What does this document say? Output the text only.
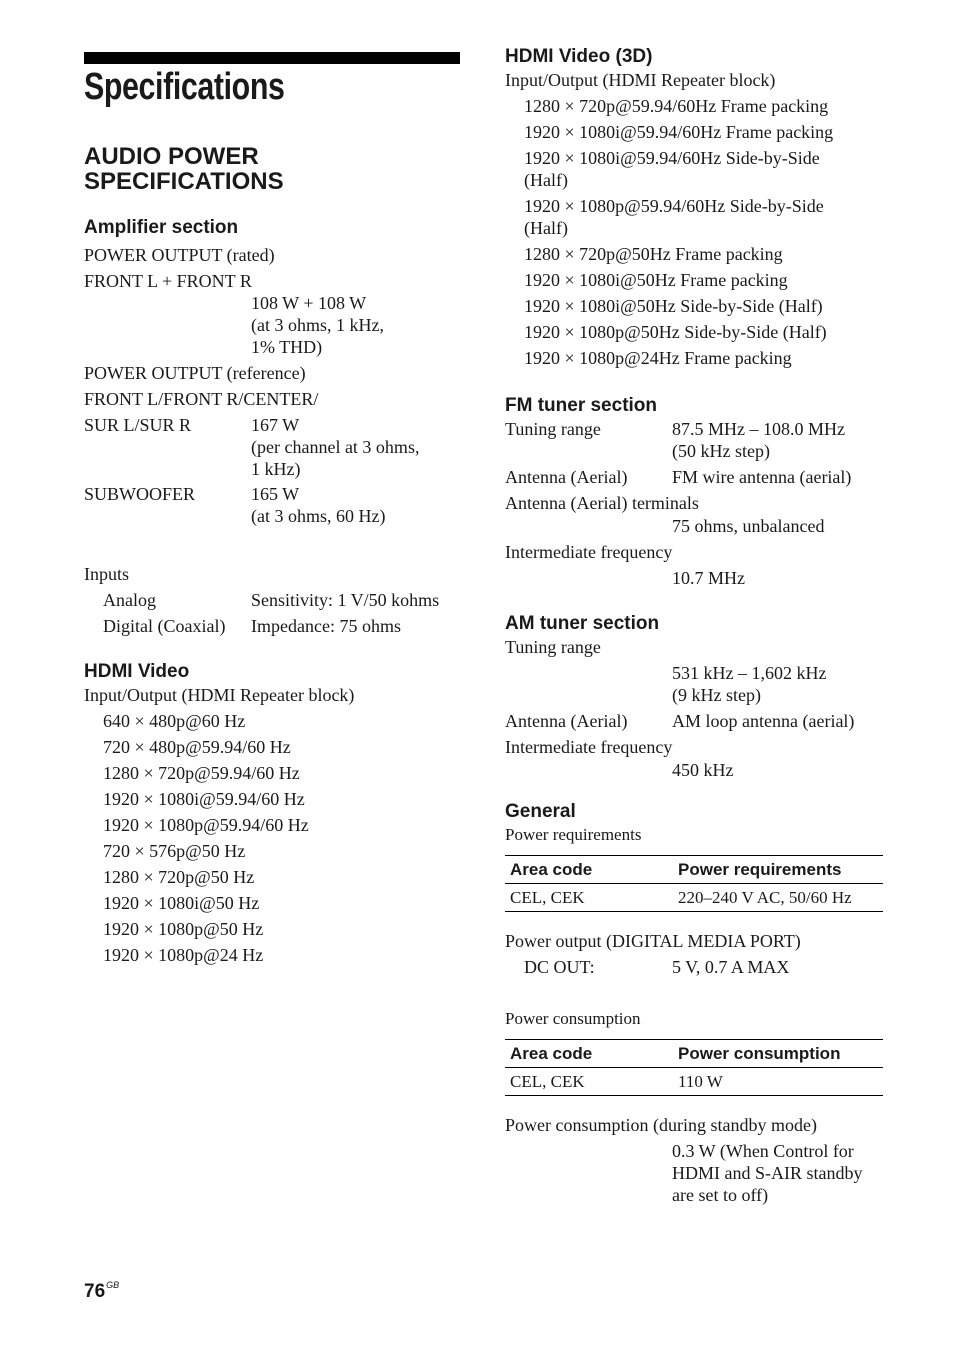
Specifications
AUDIO POWER
SPECIFICATIONS
Amplifier section
POWER OUTPUT (rated)
FRONT L + FRONT R
108 W + 108 W
(at 3 ohms, 1 kHz,
1% THD)
POWER OUTPUT (reference)
FRONT L/FRONT R/CENTER/
SUR L/SUR R	167 W
(per channel at 3 ohms,
1 kHz)
SUBWOOFER	165 W
(at 3 ohms, 60 Hz)
Inputs
Analog	Sensitivity: 1 V/50 kohms
Digital (Coaxial)	Impedance: 75 ohms
HDMI Video
Input/Output (HDMI Repeater block)
640 × 480p@60 Hz
720 × 480p@59.94/60 Hz
1280 × 720p@59.94/60 Hz
1920 × 1080i@59.94/60 Hz
1920 × 1080p@59.94/60 Hz
720 × 576p@50 Hz
1280 × 720p@50 Hz
1920 × 1080i@50 Hz
1920 × 1080p@50 Hz
1920 × 1080p@24 Hz
HDMI Video (3D)
Input/Output (HDMI Repeater block)
1280 × 720p@59.94/60Hz Frame packing
1920 × 1080i@59.94/60Hz Frame packing
1920 × 1080i@59.94/60Hz Side-by-Side
(Half)
1920 × 1080p@59.94/60Hz Side-by-Side
(Half)
1280 × 720p@50Hz Frame packing
1920 × 1080i@50Hz Frame packing
1920 × 1080i@50Hz Side-by-Side (Half)
1920 × 1080p@50Hz Side-by-Side (Half)
1920 × 1080p@24Hz Frame packing
FM tuner section
Tuning range	87.5 MHz – 108.0 MHz
(50 kHz step)
Antenna (Aerial)	FM wire antenna (aerial)
Antenna (Aerial) terminals
75 ohms, unbalanced
Intermediate frequency
10.7 MHz
AM tuner section
Tuning range
531 kHz – 1,602 kHz
(9 kHz step)
Antenna (Aerial)	AM loop antenna (aerial)
Intermediate frequency
450 kHz
General
Power requirements
Area code	Power requirements
CEL, CEK	220–240 V AC, 50/60 Hz
Power output (DIGITAL MEDIA PORT)
DC OUT:	5 V, 0.7 A MAX
Power consumption
Area code	Power consumption
CEL, CEK	110 W
Power consumption (during standby mode)
0.3 W (When Control for
HDMI and S-AIR standby
are set to off)
$76^{GB}$
